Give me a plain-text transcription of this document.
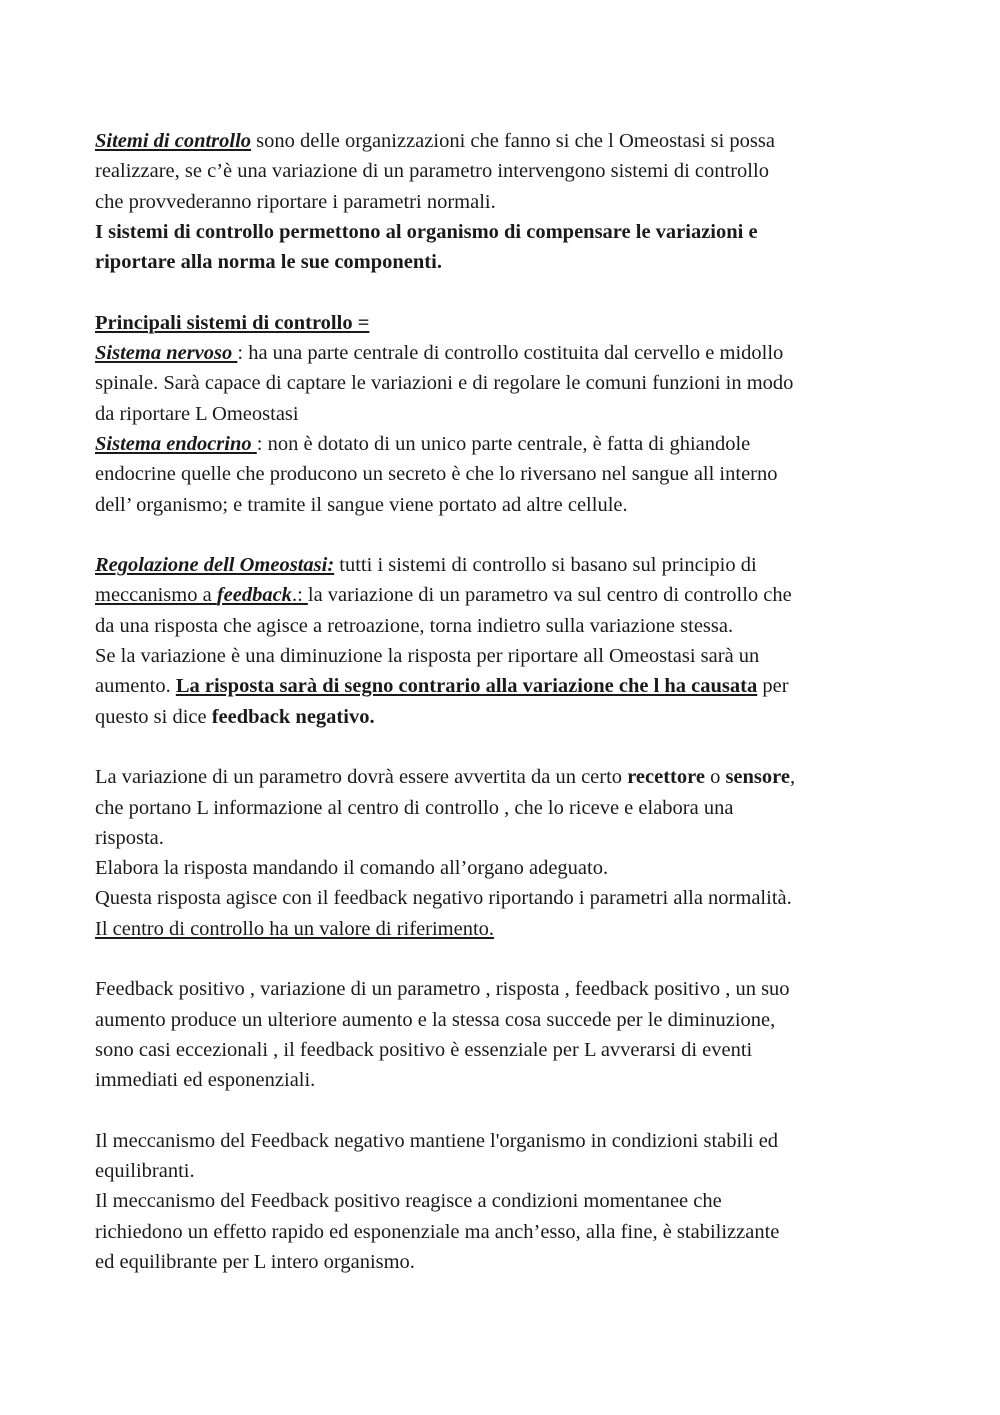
Sitemi di controllo sono delle organizzazioni che fanno si che l Omeostasi si possa
realizzare, se c’è una variazione di un parametro intervengono sistemi di controllo
che provvederanno riportare i parametri normali.
I sistemi di controllo permettono al organismo di compensare le variazioni e
riportare alla norma le sue componenti.
Principali sistemi di controllo =
Sistema nervoso : ha una parte centrale di controllo costituita dal cervello e midollo
spinale. Sarà capace di captare le variazioni e di regolare le comuni funzioni in modo
da riportare L Omeostasi
Sistema endocrino : non è dotato di un unico parte centrale, è fatta di ghiandole
endocrine quelle che producono un secreto è che lo riversano nel sangue all interno
dell’ organismo; e tramite il sangue viene portato ad altre cellule.
Regolazione dell Omeostasi: tutti i sistemi di controllo si basano sul principio di
meccanismo a feedback.: la variazione di un parametro va sul centro di controllo che
da una risposta che agisce a retroazione, torna indietro sulla variazione stessa.
Se la variazione è una diminuzione la risposta per riportare all Omeostasi sarà un
aumento. La risposta sarà di segno contrario alla variazione che l ha causata per
questo si dice feedback negativo.
La variazione di un parametro dovrà essere avvertita da un certo recettore o sensore,
che portano L informazione al centro di controllo , che lo riceve e elabora una
risposta.
Elabora la risposta mandando il comando all’organo adeguato.
Questa risposta agisce con il feedback negativo riportando i parametri alla normalità.
Il centro di controllo ha un valore di riferimento.
Feedback positivo , variazione di un parametro , risposta , feedback positivo , un suo
aumento produce un ulteriore aumento e la stessa cosa succede per le diminuzione,
sono casi eccezionali , il feedback positivo è essenziale per L avverarsi di eventi
immediati ed esponenziali.
Il meccanismo del Feedback negativo mantiene l'organismo in condizioni stabili ed
equilibranti.
Il meccanismo del Feedback positivo reagisce a condizioni momentanee che
richiedono un effetto rapido ed esponenziale ma anch’esso, alla fine, è stabilizzante
ed equilibrante per L intero organismo.
